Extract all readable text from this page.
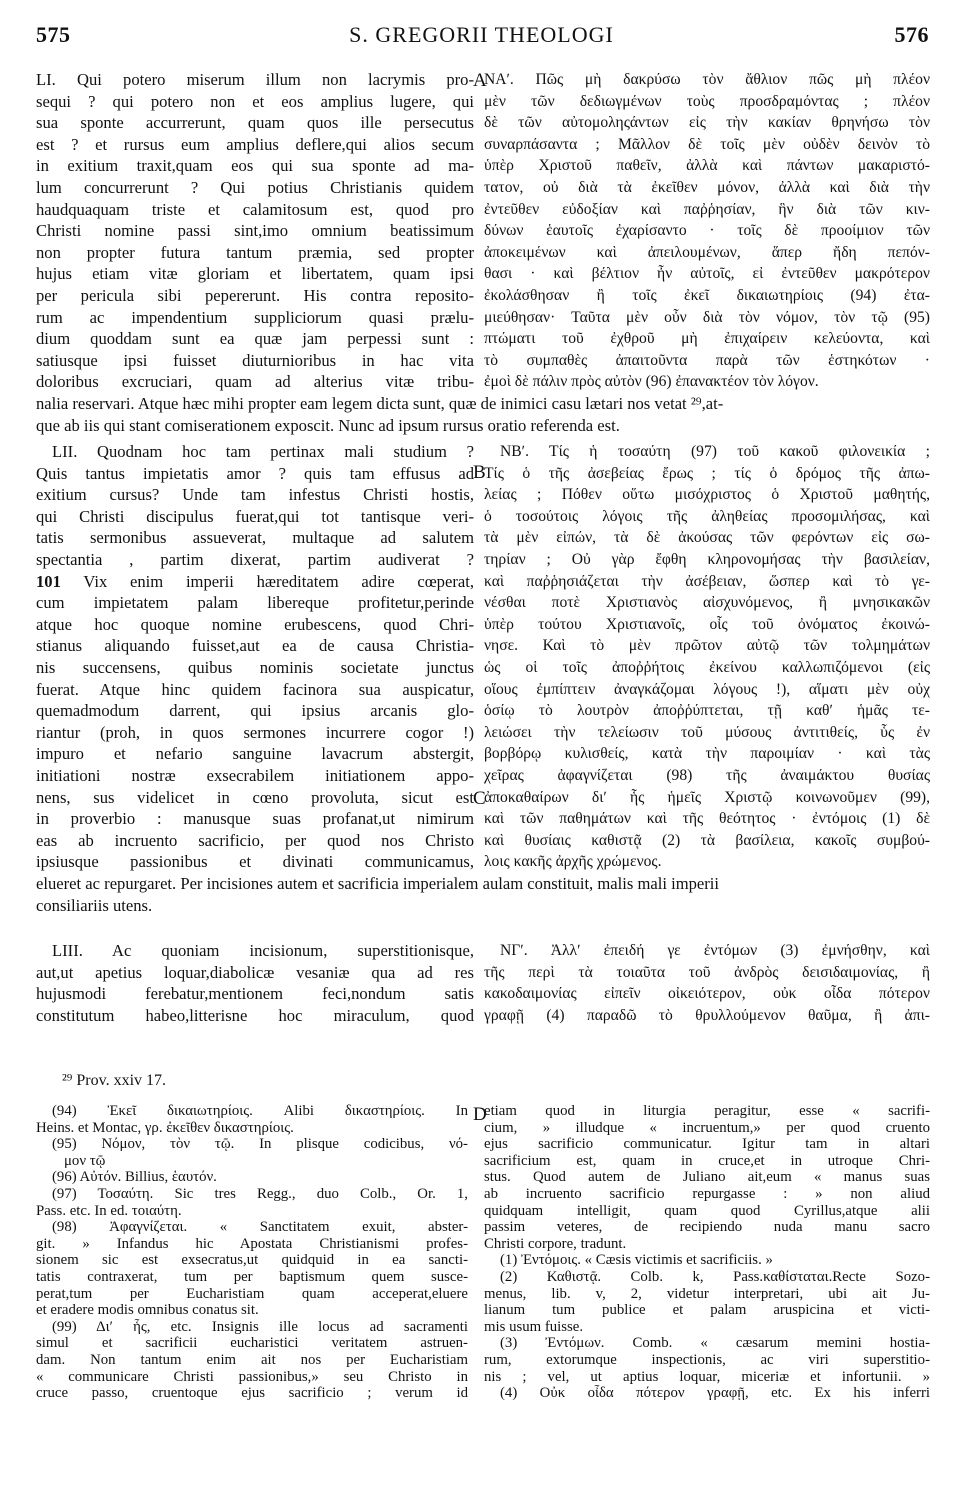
575	S. GREGORII THEOLOGI	576
LI. Qui potero miserum illum non lacrymis pro-
sequi ? qui potero non et eos amplius lugere, qui
sua sponte accurrerunt, quam quos ille persecutus
est ? et rursus eum amplius deflere,qui alios secum
in exitium traxit,quam eos qui sua sponte ad ma-
lum concurrerunt ? Qui potius Christianis quidem
haudquaquam triste et calamitosum est, quod pro
Christi nomine passi sint,imo omnium beatissimum
non propter futura tantum præmia, sed propter
hujus etiam vitæ gloriam et libertatem, quam ipsi
per pericula sibi pepererunt. His contra reposito-
rum ac impendentium suppliciorum quasi prælu-
dium quoddam sunt ea quæ jam perpessi sunt :
satiusque ipsi fuisset diuturnioribus in hac vita
doloribus excruciari, quam ad alterius vitæ tribu-
A
ΝΑʹ. Πῶς μὴ δακρύσω τὸν ἄθλιον πῶς μὴ πλέον
μὲν τῶν δεδιωγμένων τοὺς προσδραμόντας ; πλέον
δὲ τῶν αὐτομοληςάντων εἰς τὴν κακίαν θρηνήσω τὸν
συναρπάσαντα ; Μᾶλλον δὲ τοῖς μὲν οὐδὲν δεινὸν τὸ
ὑπὲρ Χριστοῦ παθεῖν, ἀλλὰ καὶ πάντων μακαριστό-
τατον, οὐ διὰ τὰ ἐκεῖθεν μόνον, ἀλλὰ καὶ διὰ τὴν
ἐντεῦθεν εὐδοξίαν καὶ παῤῥησίαν, ἣν διὰ τῶν κιν-
δύνων ἑαυτοῖς ἐχαρίσαντο · τοῖς δὲ προοίμιον τῶν
ἀποκειμένων καὶ ἀπειλουμένων, ἅπερ ἤδη πεπόν-
θασι · καὶ βέλτιον ἦν αὐτοῖς, εἰ ἐντεῦθεν μακρότερον
ἐκολάσθησαν ἢ τοῖς ἐκεῖ δικαιωτηρίοις (94) ἐτα-
μιεύθησαν· Ταῦτα μὲν οὖν διὰ τὸν νόμον, τὸν τῷ (95)
πτώματι τοῦ ἐχθροῦ μὴ ἐπιχαίρειν κελεύοντα, καὶ
τὸ συμπαθὲς ἀπαιτοῦντα παρὰ τῶν ἑστηκότων ·
ἐμοὶ δὲ πάλιν πρὸς αὐτὸν (96) ἐπανακτέον τὸν λόγον.
nalia reservari. Atque hæc mihi propter eam legem dicta sunt, quæ de inimici casu lætari nos vetat ²⁹,at-
que ab iis qui stant comiserationem exposcit. Nunc ad ipsum rursus oratio referenda est.
LII. Quodnam hoc tam pertinax mali studium ?
Quis tantus impietatis amor ? quis tam effusus ad
exitium cursus? Unde tam infestus Christi hostis,
qui Christi discipulus fuerat,qui tot tantisque veri-
tatis sermonibus assueverat, multaque ad salutem
spectantia , partim dixerat, partim audiverat ?
101 Vix enim imperii hæreditatem adire cœperat,
cum impietatem palam libereque profitetur,perinde
atque hoc quoque nomine erubescens, quod Chri-
stianus aliquando fuisset,aut ea de causa Christia-
nis succensens, quibus nominis societate junctus
fuerat. Atque hinc quidem facinora sua auspicatur,
quemadmodum darrent, qui ipsius arcanis glo-
riantur (proh, in quos sermones incurrere cogor !)
impuro et nefario sanguine lavacrum abstergit,
initiationi nostræ exsecrabilem initiationem appo-
nens, sus videlicet in cœno provoluta, sicut est
in proverbio : manusque suas profanat,ut nimirum
eas ab incruento sacrificio, per quod nos Christo
ipsiusque passionibus et divinati communicamus,
B
C
ΝΒʹ. Τίς ἡ τοσαύτη (97) τοῦ κακοῦ φιλονεικία ;
Τίς ὁ τῆς ἀσεβείας ἔρως ; τίς ὁ δρόμος τῆς ἀπω-
λείας ; Πόθεν οὕτω μισόχριστος ὁ Χριστοῦ μαθητής,
ὁ τοσούτοις λόγοις τῆς ἀληθείας προσομιλήσας, καὶ
τὰ μὲν εἰπών, τὰ δὲ ἀκούσας τῶν φερόντων εἰς σω-
τηρίαν ; Οὐ γὰρ ἔφθη κληρονομήσας τὴν βασιλείαν,
καὶ παῤῥησιάζεται τὴν ἀσέβειαν, ὥσπερ καὶ τὸ γε-
νέσθαι ποτὲ Χριστιανὸς αἰσχυνόμενος, ἢ μνησικακῶν
ὑπὲρ τούτου Χριστιανοῖς, οἷς τοῦ ὀνόματος ἐκοινώ-
νησε. Καὶ τὸ μὲν πρῶτον αὐτῷ τῶν τολμημάτων
ὡς οἱ τοῖς ἀποῤῥήτοις ἐκείνου καλλωπιζόμενοι (εἰς
οἵους ἐμπίπτειν ἀναγκάζομαι λόγους !), αἵματι μὲν οὐχ
ὁσίῳ τὸ λουτρὸν ἀποῤῥύπτεται, τῇ καθʹ ἡμᾶς τε-
λειώσει τὴν τελείωσιν τοῦ μύσους ἀντιτιθείς, ὗς ἐν
βορβόρῳ κυλισθείς, κατὰ τὴν παροιμίαν · καὶ τὰς
χεῖρας ἀφαγνίζεται (98) τῆς ἀναιμάκτου θυσίας
ἀποκαθαίρων διʹ ἧς ἡμεῖς Χριστῷ κοινωνοῦμεν (99),
καὶ τῶν παθημάτων καὶ τῆς θεότητος · ἐντόμοις (1) δὲ
καὶ θυσίαις καθιστᾷ (2) τὰ βασίλεια, κακοῖς συμβού-
λοις κακῆς ἀρχῆς χρώμενος.
elueret ac repurgaret. Per incisiones autem et sacrificia imperialem aulam constituit, malis mali imperii
consiliariis utens.
LIII. Ac quoniam incisionum, superstitionisque,
aut,ut apetius loquar,diabolicæ vesaniæ qua ad res
hujusmodi ferebatur,mentionem feci,nondum satis
constitutum habeo,litterisne hoc miraculum, quod
ΝΓʹ. Ἀλλʹ ἐπειδή γε ἐντόμων (3) ἐμνήσθην, καὶ
τῆς περὶ τὰ τοιαῦτα τοῦ ἀνδρὸς δεισιδαιμονίας, ἢ
κακοδαιμονίας εἰπεῖν οἰκειότερον, οὐκ οἶδα πότερον
γραφῇ (4) παραδῶ τὸ θρυλλούμενον θαῦμα, ἢ ἀπι-
²⁹ Prov. xxiv 17.
D
(94) Ἐκεῖ δικαιωτηρίοις. Alibi δικαστηρίοις. In
Heins. et Montac, γρ. ἐκεῖθεν δικαστηρίοις.
(95) Νόμον, τὸν τῷ. In plisque codicibus, νό-
μον τῷ
(96) Αὐτόν. Billius, ἑαυτόν.
(97) Τοσαύτη. Sic tres Regg., duo Colb., Or. 1,
Pass. etc. In ed. τοιαύτη.
(98) Ἀφαγνίζεται. « Sanctitatem exuit, abster-
git. » Infandus hic Apostata Christianismi profes-
sionem sic est exsecratus,ut quidquid in ea sancti-
tatis contraxerat, tum per baptismum quem susce-
perat,tum per Eucharistiam quam acceperat,eluere
et eradere modis omnibus conatus sit.
(99) Διʹ ἧς, etc. Insignis ille locus ad sacramenti
simul et sacrificii eucharistici veritatem astruen-
dam. Non tantum enim ait nos per Eucharistiam
« communicare Christi passionibus,» seu Christo in
cruce passo, cruentoque ejus sacrificio ; verum id
etiam quod in liturgia peragitur, esse « sacrifi-
cium, » illudque « incruentum,» per quod cruento
ejus sacrificio communicatur. Igitur tam in altari
sacrificium est, quam in cruce,et in utroque Chri-
stus. Quod autem de Juliano ait,eum « manus suas
ab incruento sacrificio repurgasse : » non aliud
quidquam intelligit, quam quod Cyrillus,atque alii
passim veteres, de recipiendo nuda manu sacro
Christi corpore, tradunt.
(1) Ἐντόμοις. « Cæsis victimis et sacrificiis. »
(2) Καθιστᾷ. Colb. k, Pass.καθίσταται.Recte Sozo-
menus, lib. v, 2, videtur interpretari, ubi ait Ju-
lianum tum publice et palam aruspicina et victi-
mis usum fuisse.
(3) Ἐντόμων. Comb. « cæsarum memini hostia-
rum, extorumque inspectionis, ac viri superstitio-
nis ; vel, ut aptius loquar, miceriæ et infortunii. »
(4) Οὐκ οἶδα πότερον γραφῇ, etc. Ex his inferri
